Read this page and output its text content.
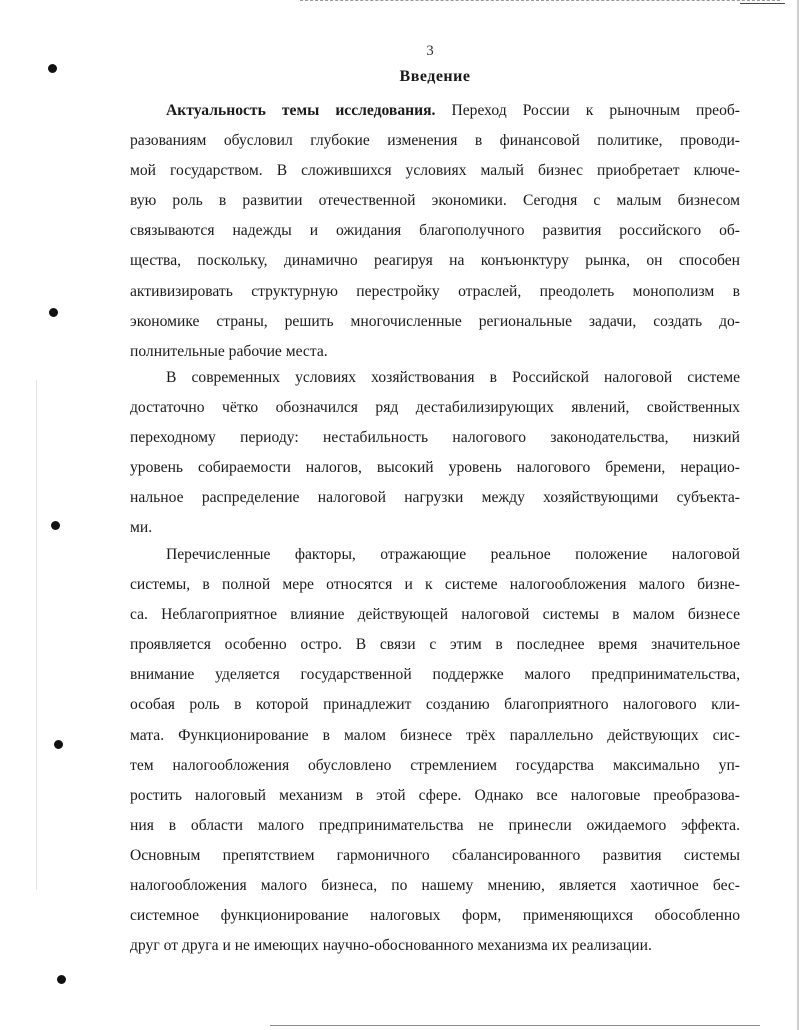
3
Введение
Актуальность темы исследования. Переход России к рыночным преоб-
разованиям обусловил глубокие изменения в финансовой политике, проводи-
мой государством. В сложившихся условиях малый бизнес приобретает ключе-
вую роль в развитии отечественной экономики. Сегодня с малым бизнесом
связываются надежды и ожидания благополучного развития российского об-
щества, поскольку, динамично реагируя на конъюнктуру рынка, он способен
активизировать структурную перестройку отраслей, преодолеть монополизм в
экономике страны, решить многочисленные региональные задачи, создать до-
полнительные рабочие места.
В современных условиях хозяйствования в Российской налоговой системе
достаточно чётко обозначился ряд дестабилизирующих явлений, свойственных
переходному периоду: нестабильность налогового законодательства, низкий
уровень собираемости налогов, высокий уровень налогового бремени, нерацио-
нальное распределение налоговой нагрузки между хозяйствующими субъекта-
ми.
Перечисленные факторы, отражающие реальное положение налоговой
системы, в полной мере относятся и к системе налогообложения малого бизне-
са. Неблагоприятное влияние действующей налоговой системы в малом бизнесе
проявляется особенно остро. В связи с этим в последнее время значительное
внимание уделяется государственной поддержке малого предпринимательства,
особая роль в которой принадлежит созданию благоприятного налогового кли-
мата. Функционирование в малом бизнесе трёх параллельно действующих сис-
тем налогообложения обусловлено стремлением государства максимально уп-
ростить налоговый механизм в этой сфере. Однако все налоговые преобразова-
ния в области малого предпринимательства не принесли ожидаемого эффекта.
Основным препятствием гармоничного сбалансированного развития системы
налогообложения малого бизнеса, по нашему мнению, является хаотичное бес-
системное функционирование налоговых форм, применяющихся обособленно
друг от друга и не имеющих научно-обоснованного механизма их реализации.
